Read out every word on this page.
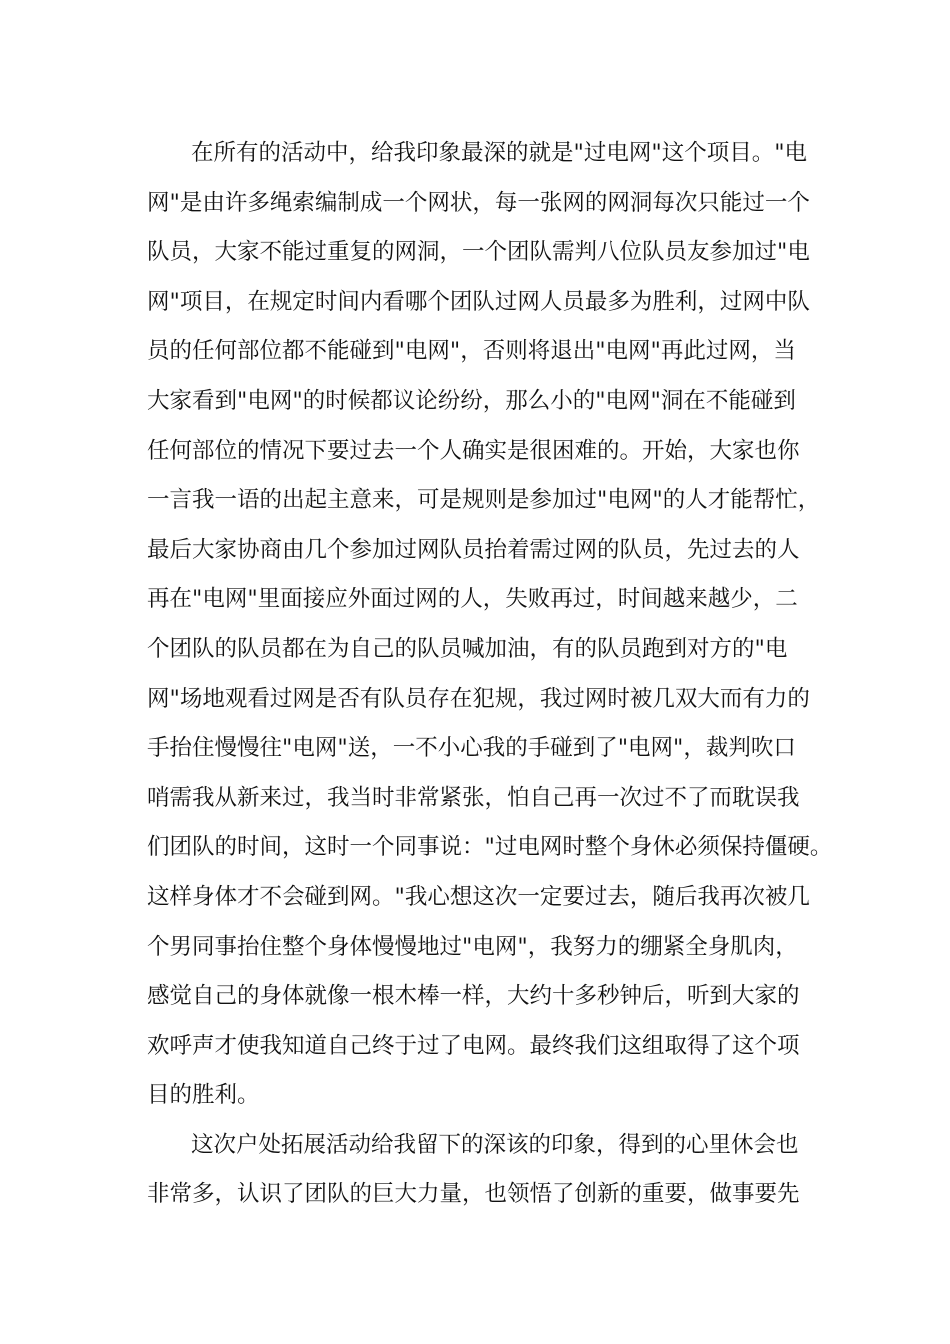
在所有的活动中，给我印象最深的就是"过电网"这个项目。"电
网"是由许多绳索编制成一个网状，每一张网的网洞每次只能过一个
队员，大家不能过重复的网洞，一个团队需判八位队员友参加过"电
网"项目，在规定时间内看哪个团队过网人员最多为胜利，过网中队
员的任何部位都不能碰到"电网"，否则将退出"电网"再此过网，当
大家看到"电网"的时候都议论纷纷，那么小的"电网"洞在不能碰到
任何部位的情况下要过去一个人确实是很困难的。开始，大家也你
一言我一语的出起主意来，可是规则是参加过"电网"的人才能帮忙，
最后大家协商由几个参加过网队员抬着需过网的队员，先过去的人
再在"电网"里面接应外面过网的人，失败再过，时间越来越少，二
个团队的队员都在为自己的队员喊加油，有的队员跑到对方的"电
网"场地观看过网是否有队员存在犯规，我过网时被几双大而有力的
手抬住慢慢往"电网"送，一不小心我的手碰到了"电网"，裁判吹口
哨需我从新来过，我当时非常紧张，怕自己再一次过不了而耽误我
们团队的时间，这时一个同事说："过电网时整个身休必须保持僵硬。
这样身体才不会碰到网。"我心想这次一定要过去，随后我再次被几
个男同事抬住整个身体慢慢地过"电网"，我努力的绷紧全身肌肉，
感觉自己的身体就像一根木棒一样，大约十多秒钟后，听到大家的
欢呼声才使我知道自己终于过了电网。最终我们这组取得了这个项
目的胜利。
这次户处拓展活动给我留下的深该的印象，得到的心里休会也
非常多，认识了团队的巨大力量，也领悟了创新的重要，做事要先
